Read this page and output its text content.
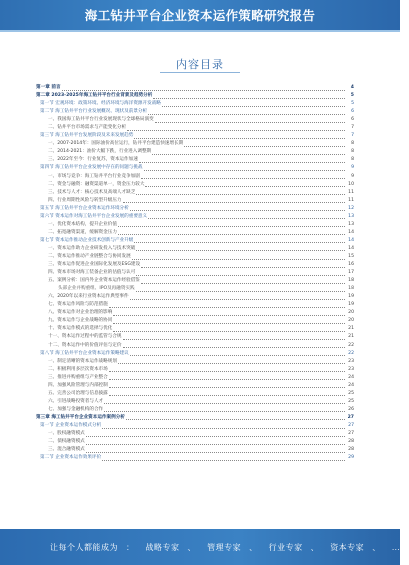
海工钻井平台企业资本运作策略研究报告
内容目录
第一章 前言	4
第二章 2023-2025年海工钻井平台行业背景及趋势分析	5
第一节 宏观环境：政策环境、经济环境与海洋资源开发战略	5
第二节 海工钻井平台行业发展概况、现状及前景分析	6
一、我国海工钻井平台行业发展现状与全球格局演变	6
二、钻井平台市场需求与产能变化分析	7
第三节 海工钻井平台发展阶段及未来发展趋势	7
一、2007-2014年：国际油价高位运行，钻井平台建造快速增长期	8
二、2014-2021：油价大幅下跌，行业进入调整期	8
三、2022年至今：行业复苏，资本运作加速	8
第四节 海工钻井平台企业发展中存在的问题与挑战	9
一、市场与竞争：海工钻井平台行业竞争加剧	9
二、资金与融资：融资渠道单一，资金压力较大	10
三、技术与人才：核心技术及高端人才缺乏	11
四、行业周期性风险与转型升级压力	11
第五节 海工钻井平台企业资本运作环境分析	12
第六节 资本运作对海工钻井平台企业发展的重要意义	13
一、优化资本结构，提升企业价值	13
二、拓宽融资渠道，缓解资金压力	14
第七节 资本运作推动企业技术创新与产业升级	14
一、资本运作助力企业研发投入与技术突破	14
二、资本运作推动产业链整合与协同发展	15
三、资本运作促进企业国际化发展及ESG建设	16
四、资本市场对海工装备企业的估值与认可	17
五、案例分析：国内外企业资本运作经验借鉴	18
头部企业并购重组、IPO及再融资实践	18
六、2020年以来行业资本运作典型事件	19
七、资本运作风险与防范措施	19
八、资本运作对企业治理的影响	20
九、资本运作与企业战略的协同	20
十、资本运作模式的选择与优化	21
十一、资本运作过程中的监管与合规	21
十二、资本运作中的价值评估与定价	22
第八节 海工钻井平台企业资本运作策略建议	22
一、制定清晰的资本运作战略规划	23
二、积极利用多层次资本市场	23
三、推进并购重组与产业整合	24
四、加强风险管理与内部控制	24
五、完善公司治理与信息披露	25
六、引进战略投资者与人才	25
七、加强与金融机构的合作	26
第三章 海工钻井平台企业资本运作案例分析	27
第一节 企业资本运作模式分析	27
一、股权融资模式	27
二、债权融资模式	28
三、混合融资模式	28
第二节 企业资本运作效果评价	29
让每个人都能成为 ： 战略专家 、 管理专家 、 行业专家 、 资本专家 、 ……
